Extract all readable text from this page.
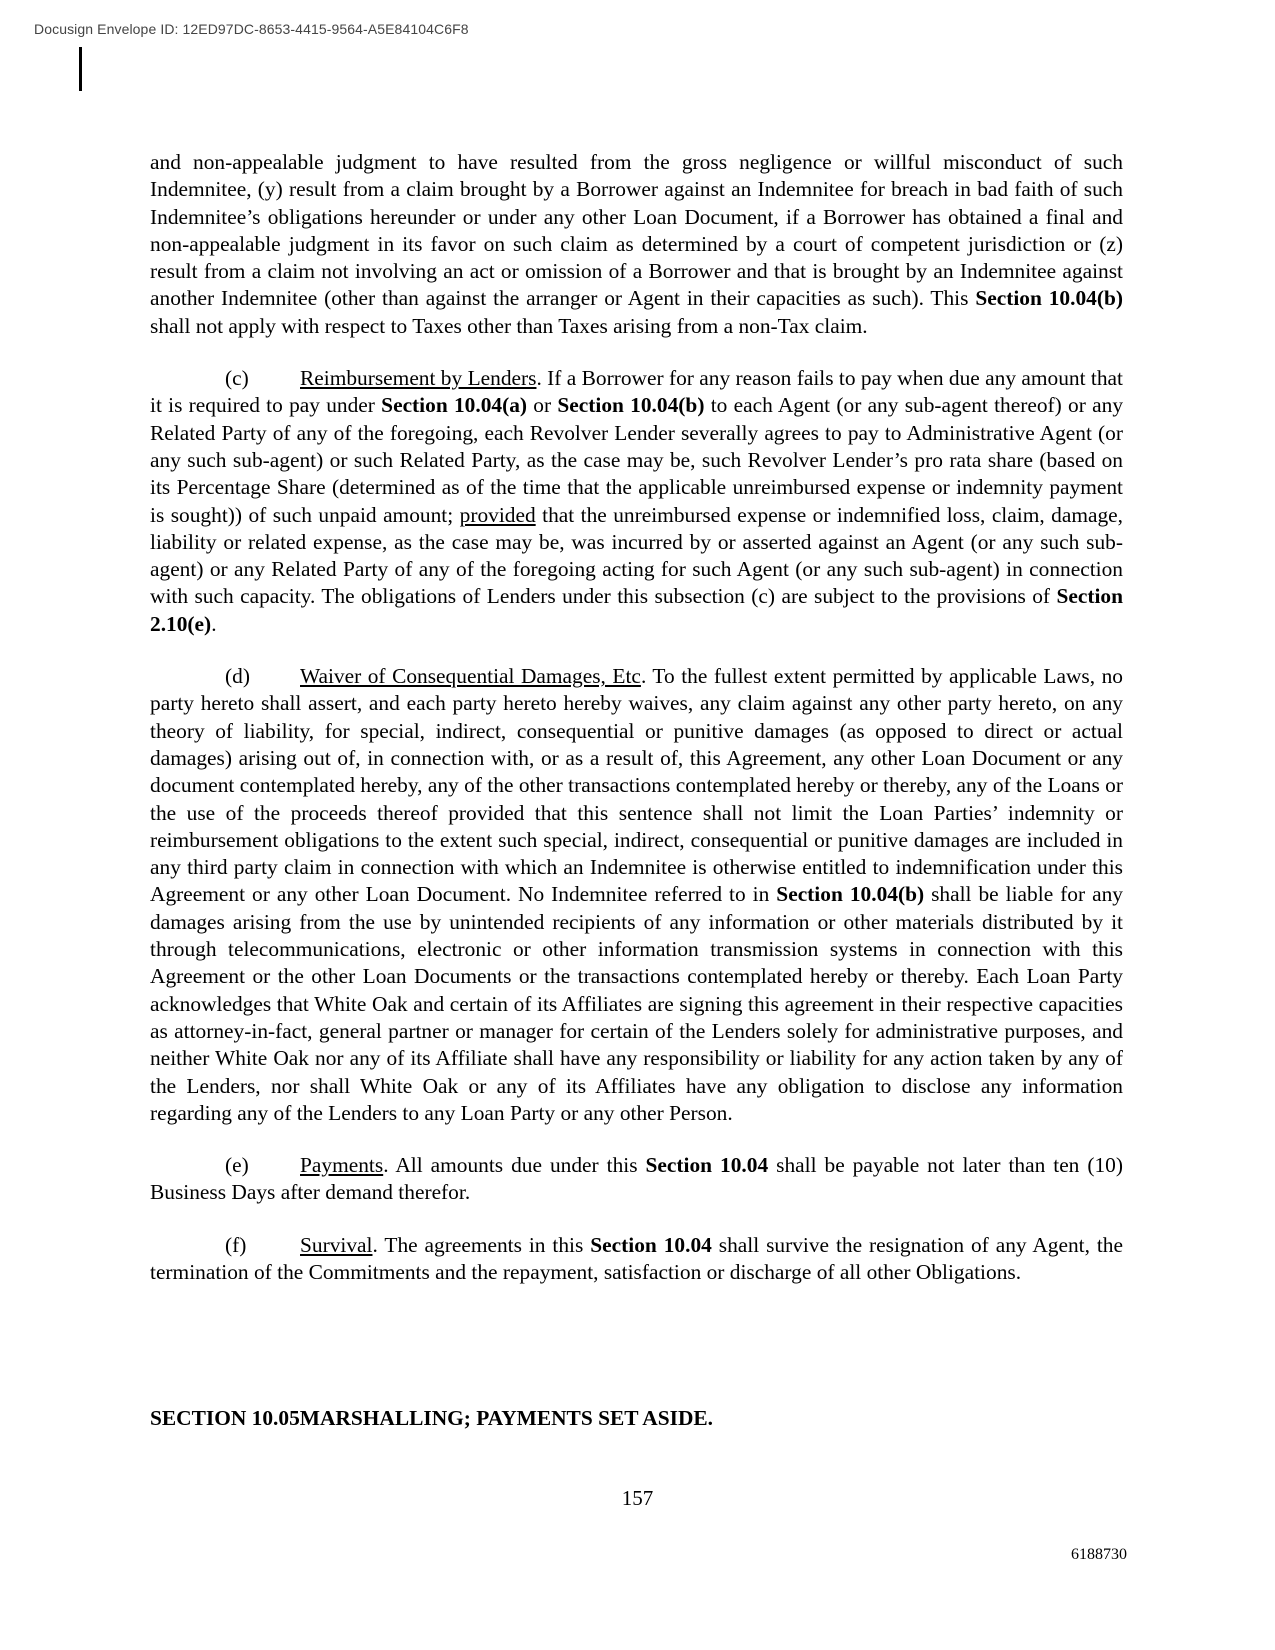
Docusign Envelope ID: 12ED97DC-8653-4415-9564-A5E84104C6F8

and non-appealable judgment to have resulted from the gross negligence or willful misconduct of such Indemnitee, (y) result from a claim brought by a Borrower against an Indemnitee for breach in bad faith of such Indemnitee’s obligations hereunder or under any other Loan Document, if a Borrower has obtained a final and non-appealable judgment in its favor on such claim as determined by a court of competent jurisdiction or (z) result from a claim not involving an act or omission of a Borrower and that is brought by an Indemnitee against another Indemnitee (other than against the arranger or Agent in their capacities as such). This Section 10.04(b) shall not apply with respect to Taxes other than Taxes arising from a non-Tax claim.

(c) Reimbursement by Lenders. If a Borrower for any reason fails to pay when due any amount that it is required to pay under Section 10.04(a) or Section 10.04(b) to each Agent (or any sub-agent thereof) or any Related Party of any of the foregoing, each Revolver Lender severally agrees to pay to Administrative Agent (or any such sub-agent) or such Related Party, as the case may be, such Revolver Lender’s pro rata share (based on its Percentage Share (determined as of the time that the applicable unreimbursed expense or indemnity payment is sought)) of such unpaid amount; provided that the unreimbursed expense or indemnified loss, claim, damage, liability or related expense, as the case may be, was incurred by or asserted against an Agent (or any such sub-agent) or any Related Party of any of the foregoing acting for such Agent (or any such sub-agent) in connection with such capacity. The obligations of Lenders under this subsection (c) are subject to the provisions of Section 2.10(e).

(d) Waiver of Consequential Damages, Etc. To the fullest extent permitted by applicable Laws, no party hereto shall assert, and each party hereto hereby waives, any claim against any other party hereto, on any theory of liability, for special, indirect, consequential or punitive damages (as opposed to direct or actual damages) arising out of, in connection with, or as a result of, this Agreement, any other Loan Document or any document contemplated hereby, any of the other transactions contemplated hereby or thereby, any of the Loans or the use of the proceeds thereof provided that this sentence shall not limit the Loan Parties’ indemnity or reimbursement obligations to the extent such special, indirect, consequential or punitive damages are included in any third party claim in connection with which an Indemnitee is otherwise entitled to indemnification under this Agreement or any other Loan Document. No Indemnitee referred to in Section 10.04(b) shall be liable for any damages arising from the use by unintended recipients of any information or other materials distributed by it through telecommunications, electronic or other information transmission systems in connection with this Agreement or the other Loan Documents or the transactions contemplated hereby or thereby. Each Loan Party acknowledges that White Oak and certain of its Affiliates are signing this agreement in their respective capacities as attorney-in-fact, general partner or manager for certain of the Lenders solely for administrative purposes, and neither White Oak nor any of its Affiliate shall have any responsibility or liability for any action taken by any of the Lenders, nor shall White Oak or any of its Affiliates have any obligation to disclose any information regarding any of the Lenders to any Loan Party or any other Person.

(e) Payments. All amounts due under this Section 10.04 shall be payable not later than ten (10) Business Days after demand therefor.

(f)	Survival. The agreements in this Section 10.04 shall survive the resignation of any Agent, the termination of the Commitments and the repayment, satisfaction or discharge of all other Obligations.

SECTION 10.05MARSHALLING; PAYMENTS SET ASIDE.
157
6188730
